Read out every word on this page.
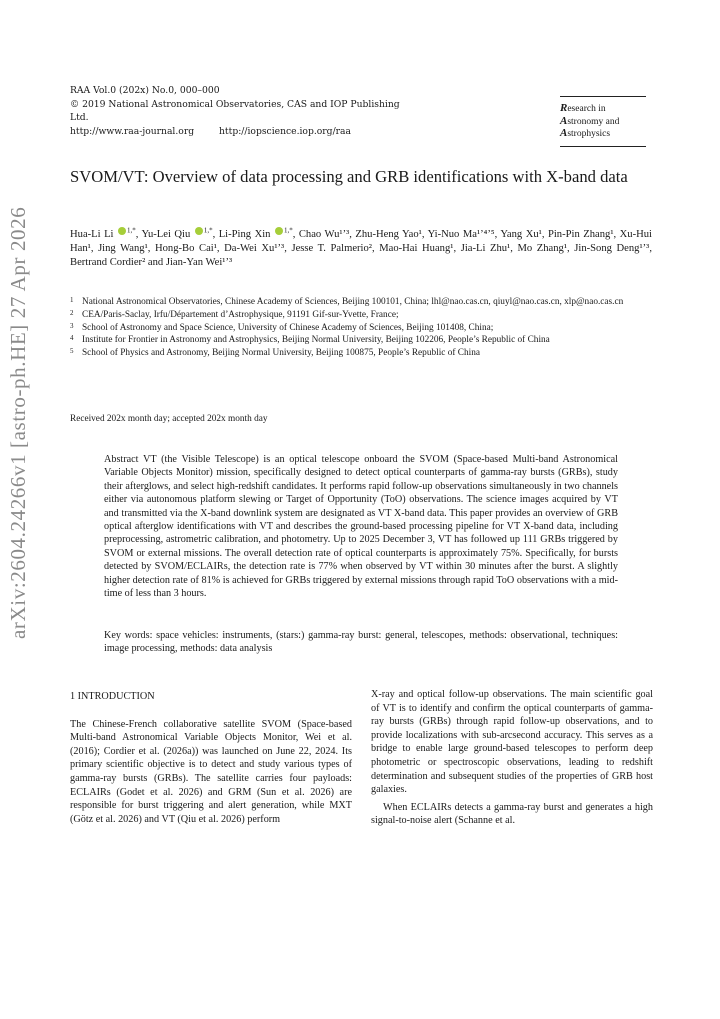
arXiv:2604.24266v1 [astro-ph.HE] 27 Apr 2026
RAA Vol.0 (202x) No.0, 000–000
© 2019 National Astronomical Observatories, CAS and IOP Publishing
Ltd.
http://www.raa-journal.org	http://iopscience.iop.org/raa
Research in
Astronomy and
Astrophysics
SVOM/VT: Overview of data processing and GRB identifications with X-band data
Hua-Li Li $^{1,*}$, Yu-Lei Qiu $^{1,*}$, Li-Ping Xin $^{1,*}$, Chao Wu¹ʼ³, Zhu-Heng Yao¹, Yi-Nuo Ma¹ʼ⁴ʼ⁵, Yang Xu¹, Pin-Pin Zhang¹, Xu-Hui Han¹, Jing Wang¹, Hong-Bo Cai¹, Da-Wei Xu¹ʼ³, Jesse T. Palmerio², Mao-Hai Huang¹, Jia-Li Zhu¹, Mo Zhang¹, Jin-Song Deng¹ʼ³, Bertrand Cordier² and Jian-Yan Wei¹ʼ³
1 National Astronomical Observatories, Chinese Academy of Sciences, Beijing 100101, China; lhl@nao.cas.cn, qiuyl@nao.cas.cn, xlp@nao.cas.cn
2 CEA/Paris-Saclay, Irfu/Département d’Astrophysique, 91191 Gif-sur-Yvette, France;
3 School of Astronomy and Space Science, University of Chinese Academy of Sciences, Beijing 101408, China;
4 Institute for Frontier in Astronomy and Astrophysics, Beijing Normal University, Beijing 102206, People’s Republic of China
5 School of Physics and Astronomy, Beijing Normal University, Beijing 100875, People’s Republic of China
Received 202x month day; accepted 202x month day
Abstract VT (the Visible Telescope) is an optical telescope onboard the SVOM (Space-based Multi-band Astronomical Variable Objects Monitor) mission, specifically designed to detect optical counterparts of gamma-ray bursts (GRBs), study their afterglows, and select high-redshift candidates. It performs rapid follow-up observations simultaneously in two channels either via autonomous platform slewing or Target of Opportunity (ToO) observations. The science images acquired by VT and transmitted via the X-band downlink system are designated as VT X-band data. This paper provides an overview of GRB optical afterglow identifications with VT and describes the ground-based processing pipeline for VT X-band data, including preprocessing, astrometric calibration, and photometry. Up to 2025 December 3, VT has followed up 111 GRBs triggered by SVOM or external missions. The overall detection rate of optical counterparts is approximately 75%. Specifically, for bursts detected by SVOM/ECLAIRs, the detection rate is 77% when observed by VT within 30 minutes after the burst. A slightly higher detection rate of 81% is achieved for GRBs triggered by external missions through rapid ToO observations with a mid-time of less than 3 hours.
Key words: space vehicles: instruments, (stars:) gamma-ray burst: general, telescopes, methods: observational, techniques: image processing, methods: data analysis
1 INTRODUCTION

The Chinese-French collaborative satellite SVOM (Space-based Multi-band Astronomical Variable Objects Monitor, Wei et al. (2016); Cordier et al. (2026a)) was launched on June 22, 2024. Its primary scientific objective is to detect and study various types of gamma-ray bursts (GRBs). The satellite carries four payloads: ECLAIRs (Godet et al. 2026) and GRM (Sun et al. 2026) are responsible for burst triggering and alert generation, while MXT (Götz et al. 2026) and VT (Qiu et al. 2026) perform

X-ray and optical follow-up observations. The main scientific goal of VT is to identify and confirm the optical counterparts of gamma-ray bursts (GRBs) through rapid follow-up observations, and to provide localizations with sub-arcsecond accuracy. This serves as a bridge to enable large ground-based telescopes to perform deep photometric or spectroscopic observations, leading to redshift determination and subsequent studies of the properties of GRB host galaxies.

When ECLAIRs detects a gamma-ray burst and generates a high signal-to-noise alert (Schanne et al.
